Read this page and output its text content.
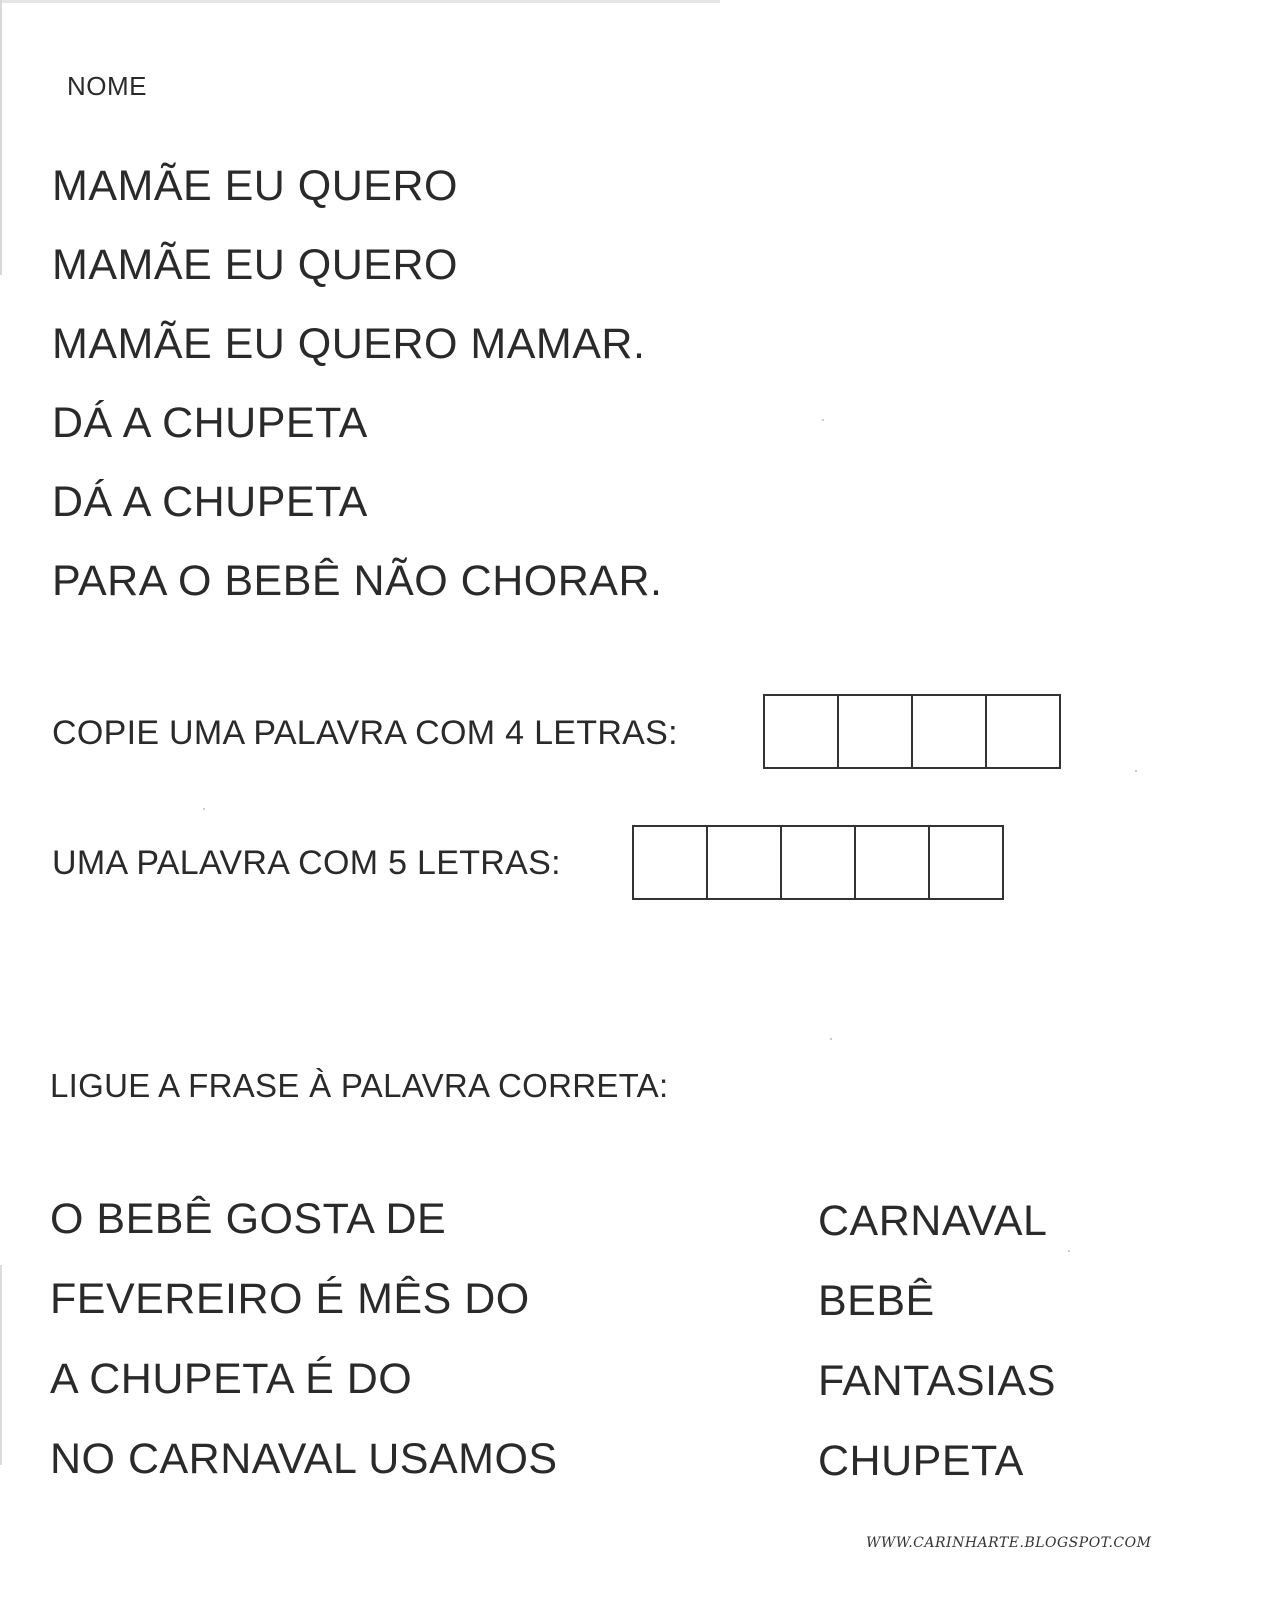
NOME
MAMÃE EU QUERO
MAMÃE EU QUERO
MAMÃE EU QUERO MAMAR.
DÁ A CHUPETA
DÁ A CHUPETA
PARA O BEBÊ NÃO CHORAR.
COPIE UMA PALAVRA COM 4 LETRAS:
UMA PALAVRA COM 5 LETRAS:
LIGUE A FRASE À PALAVRA CORRETA:
O BEBÊ GOSTA DE
FEVEREIRO É MÊS DO
A CHUPETA É DO
NO CARNAVAL USAMOS
CARNAVAL
BEBÊ
FANTASIAS
CHUPETA
WWW.CARINHARTE.BLOGSPOT.COM
